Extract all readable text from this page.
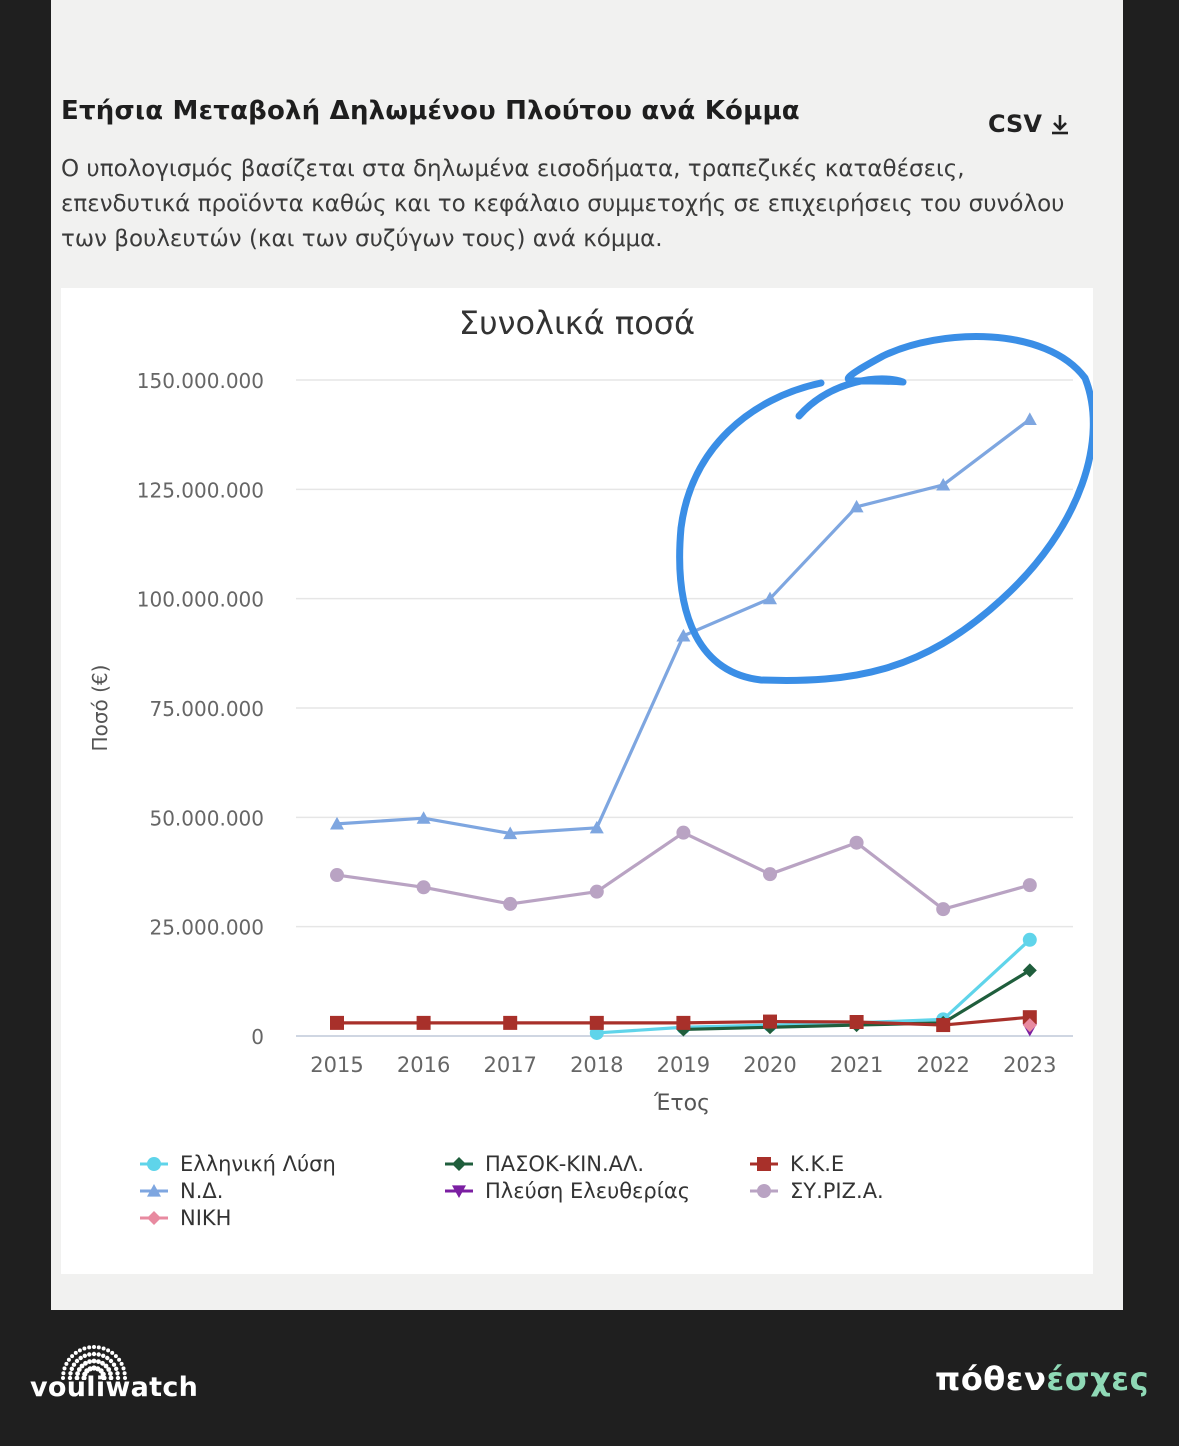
Ετήσια Μεταβολή Δηλωμένου Πλούτου ανά Κόμμα	CSV
Ο υπολογισμός βασίζεται στα δηλωμένα εισοδήματα, τραπεζικές καταθέσεις, επενδυτικά προϊόντα καθώς και το κεφάλαιο συμμετοχής σε επιχειρήσεις του συνόλου των βουλευτών (και των συζύγων τους) ανά κόμμα.
Συνολικά ποσά
Ποσό (€)
Έτος
0
25.000.000
50.000.000
75.000.000
100.000.000
125.000.000
150.000.000
2015 2016 2017 2018 2019 2020 2021 2022 2023
Ελληνική Λύση
Ν.Δ.
ΝΙΚΗ
ΠΑΣΟΚ-ΚΙΝ.ΑΛ.
Πλεύση Ελευθερίας
Κ.Κ.Ε
ΣΥ.ΡΙΖ.Α.
vouliwatch	πόθενέσχες
